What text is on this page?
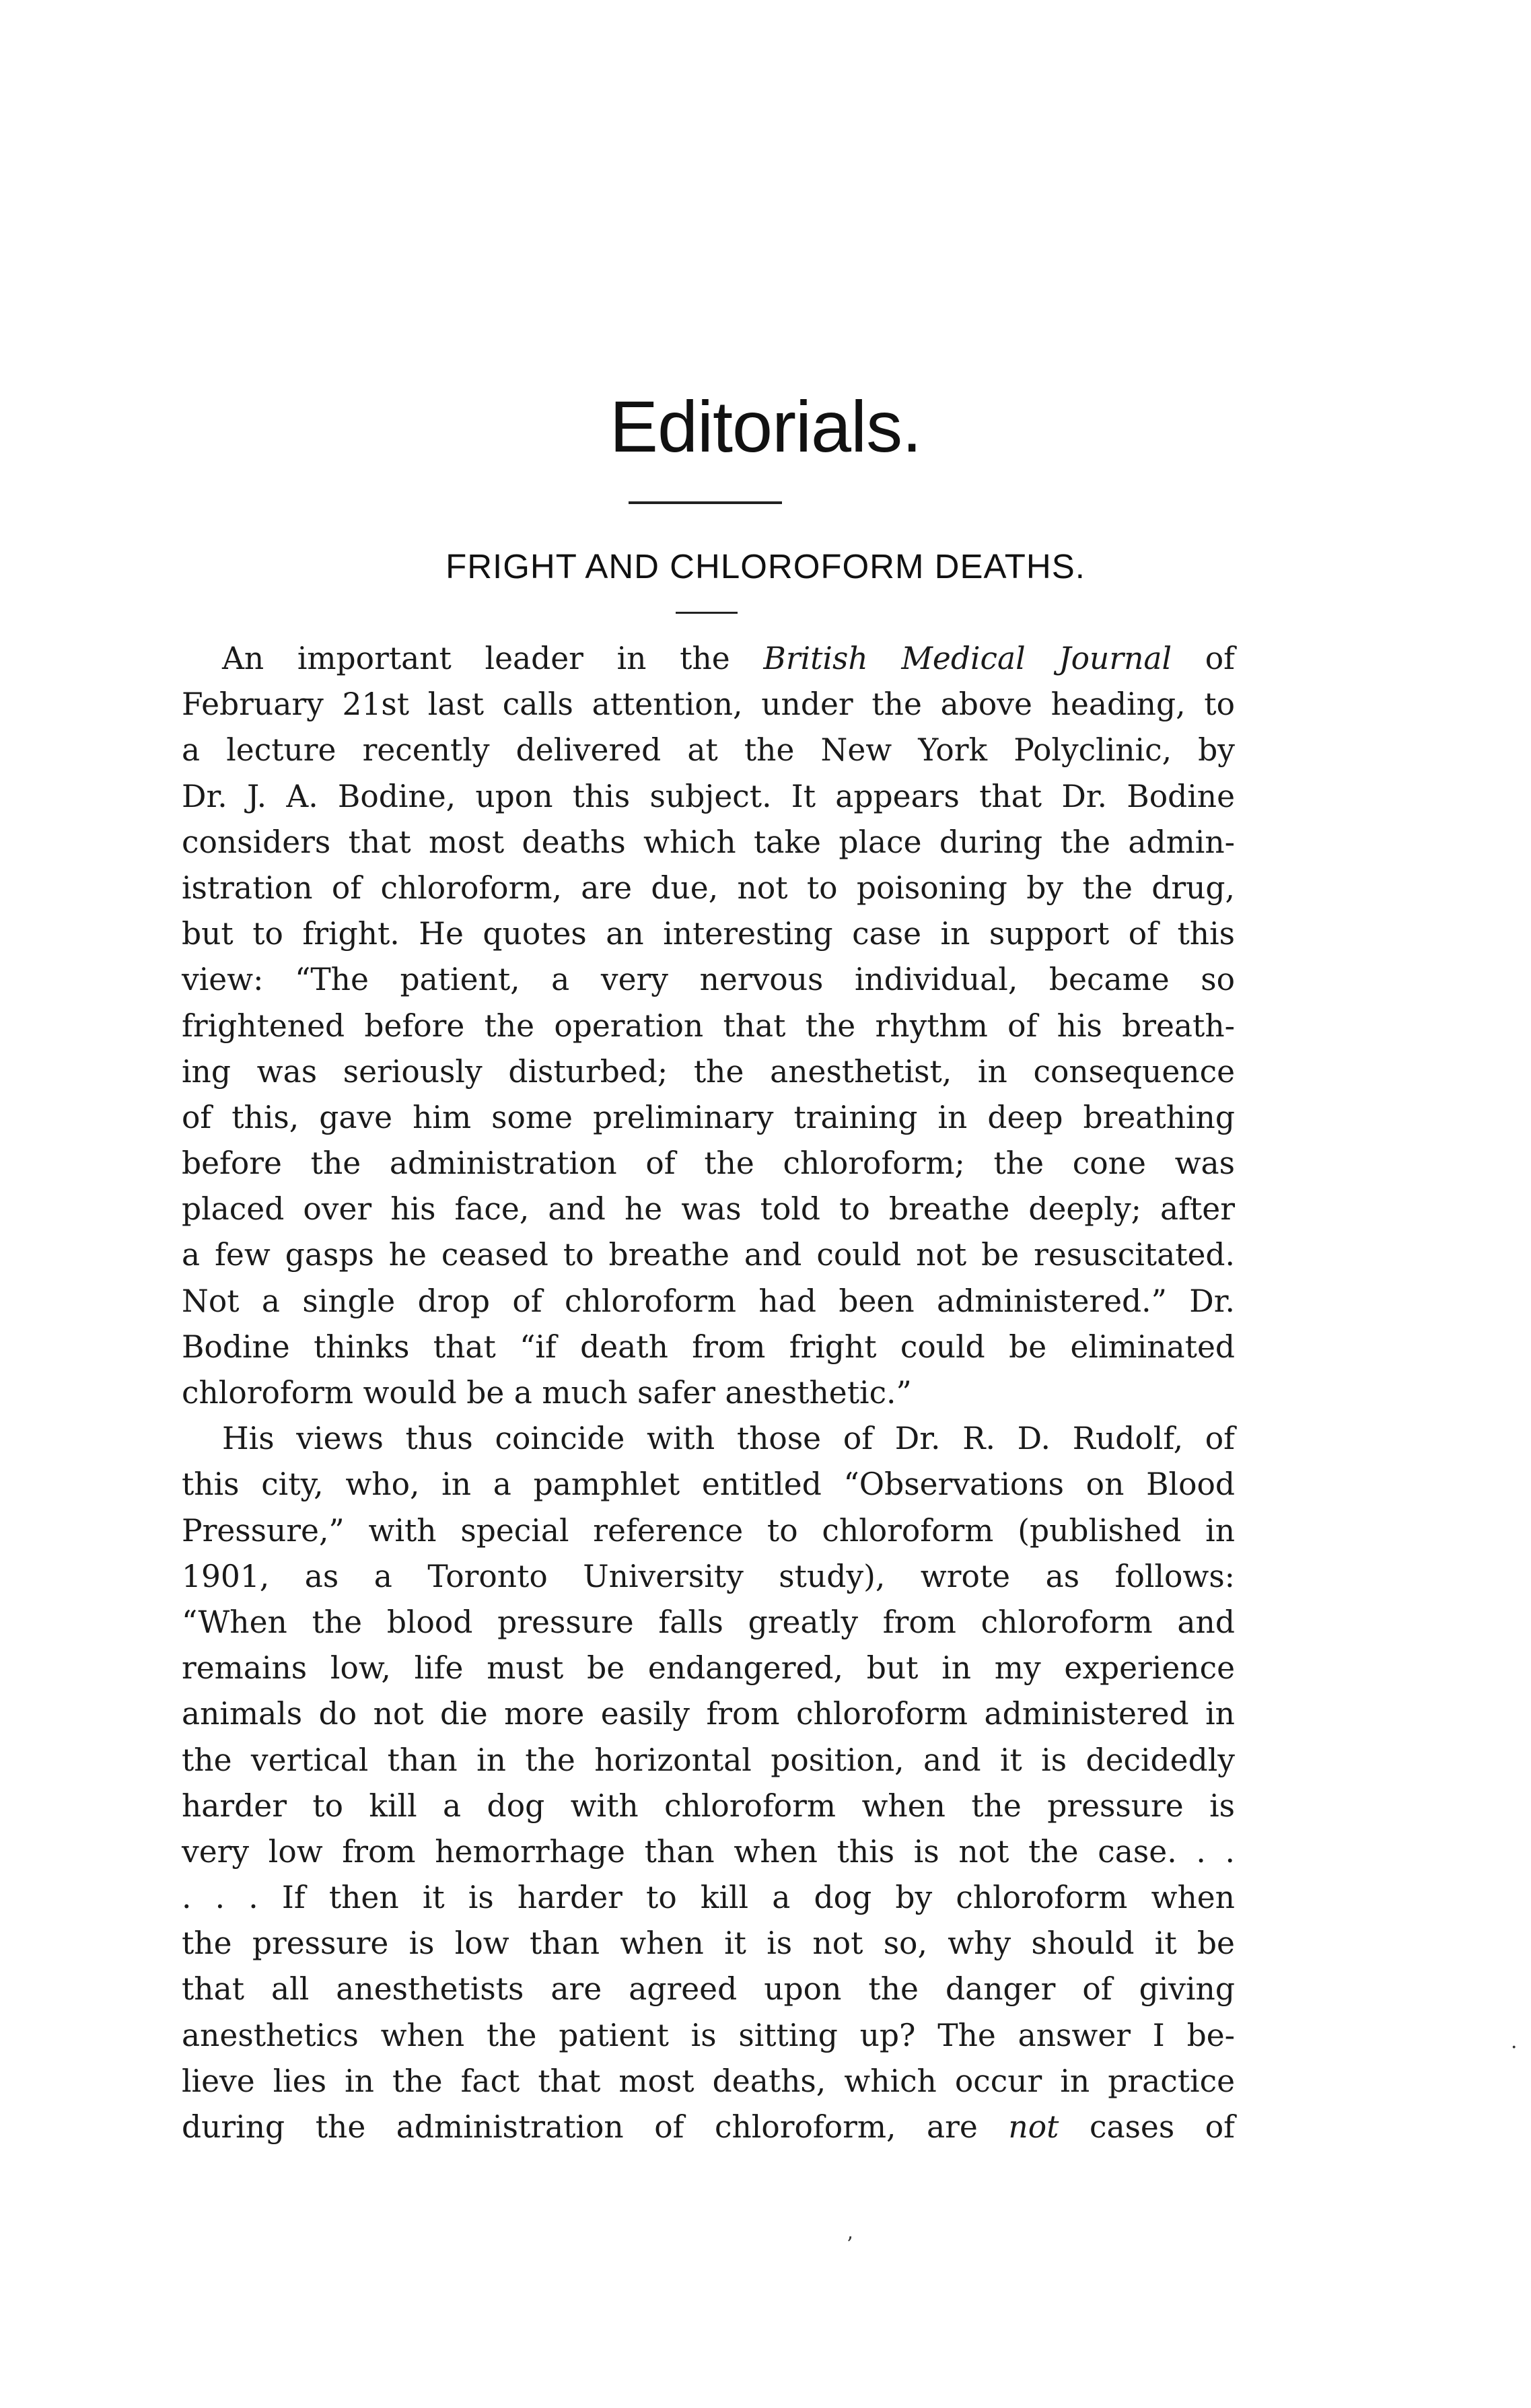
Editorials.
FRIGHT AND CHLOROFORM DEATHS.
An important leader in the British Medical Journal of
February 21st last calls attention, under the above heading, to
a lecture recently delivered at the New York Polyclinic, by
Dr. J. A. Bodine, upon this subject. It appears that Dr. Bodine
considers that most deaths which take place during the admin-
istration of chloroform, are due, not to poisoning by the drug,
but to fright. He quotes an interesting case in support of this
view: “The patient, a very nervous individual, became so
frightened before the operation that the rhythm of his breath-
ing was seriously disturbed; the anesthetist, in consequence
of this, gave him some preliminary training in deep breathing
before the administration of the chloroform; the cone was
placed over his face, and he was told to breathe deeply; after
a few gasps he ceased to breathe and could not be resuscitated.
Not a single drop of chloroform had been administered.” Dr.
Bodine thinks that “if death from fright could be eliminated
chloroform would be a much safer anesthetic.”
His views thus coincide with those of Dr. R. D. Rudolf, of
this city, who, in a pamphlet entitled “Observations on Blood
Pressure,” with special reference to chloroform (published in
1901, as a Toronto University study), wrote as follows:
“When the blood pressure falls greatly from chloroform and
remains low, life must be endangered, but in my experience
animals do not die more easily from chloroform administered in
the vertical than in the horizontal position, and it is decidedly
harder to kill a dog with chloroform when the pressure is
very low from hemorrhage than when this is not the case. . .
. . . If then it is harder to kill a dog by chloroform when
the pressure is low than when it is not so, why should it be
that all anesthetists are agreed upon the danger of giving
anesthetics when the patient is sitting up? The answer I be-
lieve lies in the fact that most deaths, which occur in practice
during the administration of chloroform, are not cases of
’
·
